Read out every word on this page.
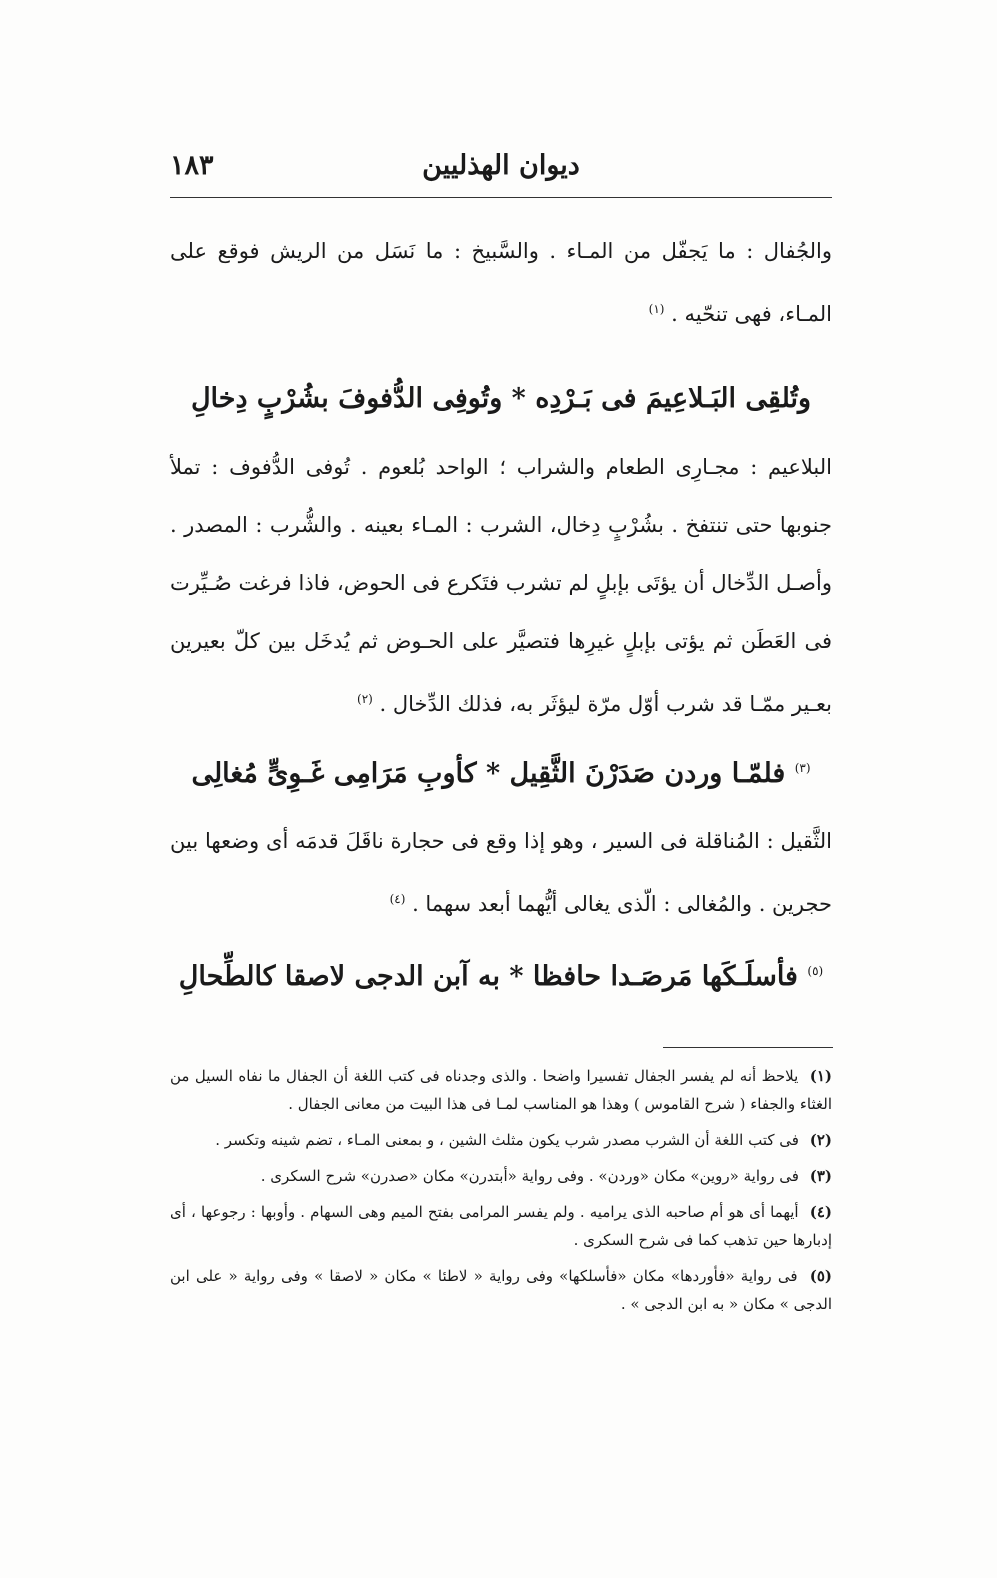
ديوان الهذليين
١٨٣

والجُفال : ما يَجفّل من المـاء . والسَّبيخ : ما نَسَل من الريش فوقع على المـاء، فهى تنحّيه . $^{(١)}$

وتُلقِى البَـلاعِيمَ فى بَـرْدِه * وتُوفِى الدُّفوفَ بشُرْبٍ دِخالِ

البلاعيم : مجـارِى الطعام والشراب ؛ الواحد بُلعوم . تُوفى الدُّفوف : تملأ جنوبها حتى تنتفخ . بشُرْبٍ دِخال، الشرب : المـاء بعينه . والشُّرب : المصدر . وأصـل الدِّخال أن يؤتَى بإبلٍ لم تشرب فتَكرع فى الحوض، فاذا فرغت صُـيِّرت فى العَطَن ثم يؤتى بإبلٍ غيرِها فتصيَّر على الحـوض ثم يُدخَل بين كلّ بعيرين بعـير ممّـا قد شرب أوّل مرّة ليؤثَر به، فذلك الدِّخال . $^{(٢)}$

$^{(٣)}$ فلمّـا وردن صَدَرْنَ الثَّقِيل * كأوبِ مَرَامِى غَـوِىٍّ مُغالِى

الثَّقيل : المُناقلة فى السير ، وهو إذا وقع فى حجارة ناقَلَ قدمَه أى وضعها بين حجرين . والمُغالى : الّذى يغالى أيُّهما أبعد سهما . $^{(٤)}$

$^{(٥)}$ فأسلَـكَها مَرصَـدا حافظا * به آبن الدجى لاصقا كالطِّحالِ

(١) يلاحظ أنه لم يفسر الجفال تفسيرا واضحا . والذى وجدناه فى كتب اللغة أن الجفال ما نفاه السيل من الغثاء والجفاء ( شرح القاموس ) وهذا هو المناسب لمـا فى هذا البيت من معانى الجفال .

(٢) فى كتب اللغة أن الشرب مصدر شرب يكون مثلث الشين ، و بمعنى المـاء ، تضم شينه وتكسر .

(٣) فى رواية «روين» مكان «وردن» . وفى رواية «أبتدرن» مكان «صدرن» شرح السكرى .

(٤) أيهما أى هو أم صاحبه الذى يراميه . ولم يفسر المرامى بفتح الميم وهى السهام . وأوبها : رجوعها ، أى إدبارها حين تذهب كما فى شرح السكرى .

(٥) فى رواية «فأوردها» مكان «فأسلكها» وفى رواية « لاطئا » مكان « لاصقا » وفى رواية « على ابن الدجى » مكان « به ابن الدجى » .
